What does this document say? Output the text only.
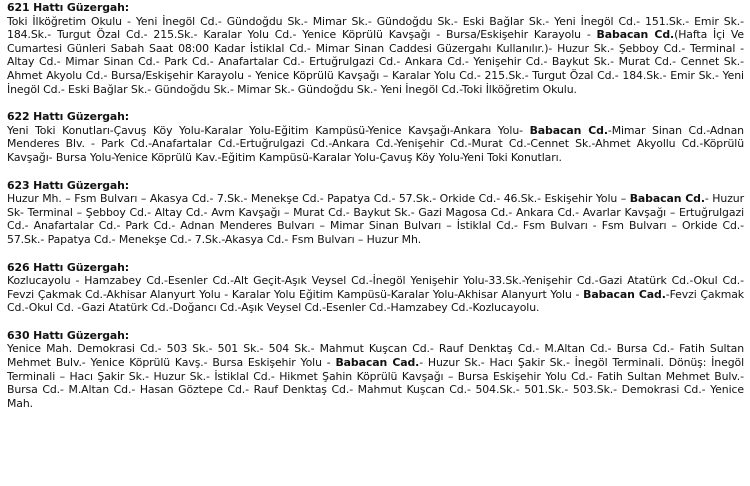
621 Hattı Güzergah:
Toki İlköğretim Okulu - Yeni İnegöl Cd.- Gündoğdu Sk.- Mimar Sk.- Gündoğdu Sk.- Eski Bağlar Sk.- Yeni İnegöl Cd.- 151.Sk.- Emir Sk.- 184.Sk.- Turgut Özal Cd.- 215.Sk.- Karalar Yolu Cd.- Yenice Köprülü Kavşağı - Bursa/Eskişehir Karayolu - Babacan Cd.(Hafta İçi Ve Cumartesi Günleri Sabah Saat 08:00 Kadar İstiklal Cd.- Mimar Sinan Caddesi Güzergahı Kullanılır.)- Huzur Sk.- Şebboy Cd.- Terminal - Altay Cd.- Mimar Sinan Cd.- Park Cd.- Anafartalar Cd.- Ertuğrulgazi Cd.- Ankara Cd.- Yenişehir Cd.- Baykut Sk.- Murat Cd.- Cennet Sk.- Ahmet Akyolu Cd.- Bursa/Eskişehir Karayolu - Yenice Köprülü Kavşağı – Karalar Yolu Cd.- 215.Sk.- Turgut Özal Cd.- 184.Sk.- Emir Sk.- Yeni İnegöl Cd.- Eski Bağlar Sk.- Gündoğdu Sk.- Mimar Sk.- Gündoğdu Sk.- Yeni İnegöl Cd.-Toki İlköğretim Okulu.
622 Hattı Güzergah:
Yeni Toki Konutları-Çavuş Köy Yolu-Karalar Yolu-Eğitim Kampüsü-Yenice Kavşağı-Ankara Yolu- Babacan Cd.-Mimar Sinan Cd.-Adnan Menderes Blv. - Park Cd.-Anafartalar Cd.-Ertuğrulgazi Cd.-Ankara Cd.-Yenişehir Cd.-Murat Cd.-Cennet Sk.-Ahmet Akyollu Cd.-Köprülü Kavşağı- Bursa Yolu-Yenice Köprülü Kav.-Eğitim Kampüsü-Karalar Yolu-Çavuş Köy Yolu-Yeni Toki Konutları.
623 Hattı Güzergah:
Huzur Mh. – Fsm Bulvarı – Akasya Cd.- 7.Sk.- Menekşe Cd.- Papatya Cd.- 57.Sk.- Orkide Cd.- 46.Sk.- Eskişehir Yolu – Babacan Cd.- Huzur Sk- Terminal – Şebboy Cd.- Altay Cd.- Avm Kavşağı – Murat Cd.- Baykut Sk.- Gazi Magosa Cd.- Ankara Cd.- Avarlar Kavşağı – Ertuğrulgazi Cd.- Anafartalar Cd.- Park Cd.- Adnan Menderes Bulvarı – Mimar Sinan Bulvarı – İstiklal Cd.- Fsm Bulvarı - Fsm Bulvarı – Orkide Cd.- 57.Sk.- Papatya Cd.- Menekşe Cd.- 7.Sk.-Akasya Cd.- Fsm Bulvarı – Huzur Mh.
626 Hattı Güzergah:
Kozlucayolu - Hamzabey Cd.-Esenler Cd.-Alt Geçit-Aşık Veysel Cd.-İnegöl Yenişehir Yolu-33.Sk.-Yenişehir Cd.-Gazi Atatürk Cd.-Okul Cd.-Fevzi Çakmak Cd.-Akhisar Alanyurt Yolu - Karalar Yolu Eğitim Kampüsü-Karalar Yolu-Akhisar Alanyurt Yolu - Babacan Cad.-Fevzi Çakmak Cd.-Okul Cd. -Gazi Atatürk Cd.-Doğancı Cd.-Aşık Veysel Cd.-Esenler Cd.-Hamzabey Cd.-Kozlucayolu.
630 Hattı Güzergah:
Yenice Mah. Demokrasi Cd.- 503 Sk.- 501 Sk.- 504 Sk.- Mahmut Kuşcan Cd.- Rauf Denktaş Cd.- M.Altan Cd.- Bursa Cd.- Fatih Sultan Mehmet Bulv.- Yenice Köprülü Kavş.- Bursa Eskişehir Yolu - Babacan Cad.- Huzur Sk.- Hacı Şakir Sk.- İnegöl Terminali. Dönüş: İnegöl Terminali – Hacı Şakir Sk.- Huzur Sk.- İstiklal Cd.- Hikmet Şahin Köprülü Kavşağı – Bursa Eskişehir Yolu Cd.- Fatih Sultan Mehmet Bulv.- Bursa Cd.- M.Altan Cd.- Hasan Göztepe Cd.- Rauf Denktaş Cd.- Mahmut Kuşcan Cd.- 504.Sk.- 501.Sk.- 503.Sk.- Demokrasi Cd.- Yenice Mah.
